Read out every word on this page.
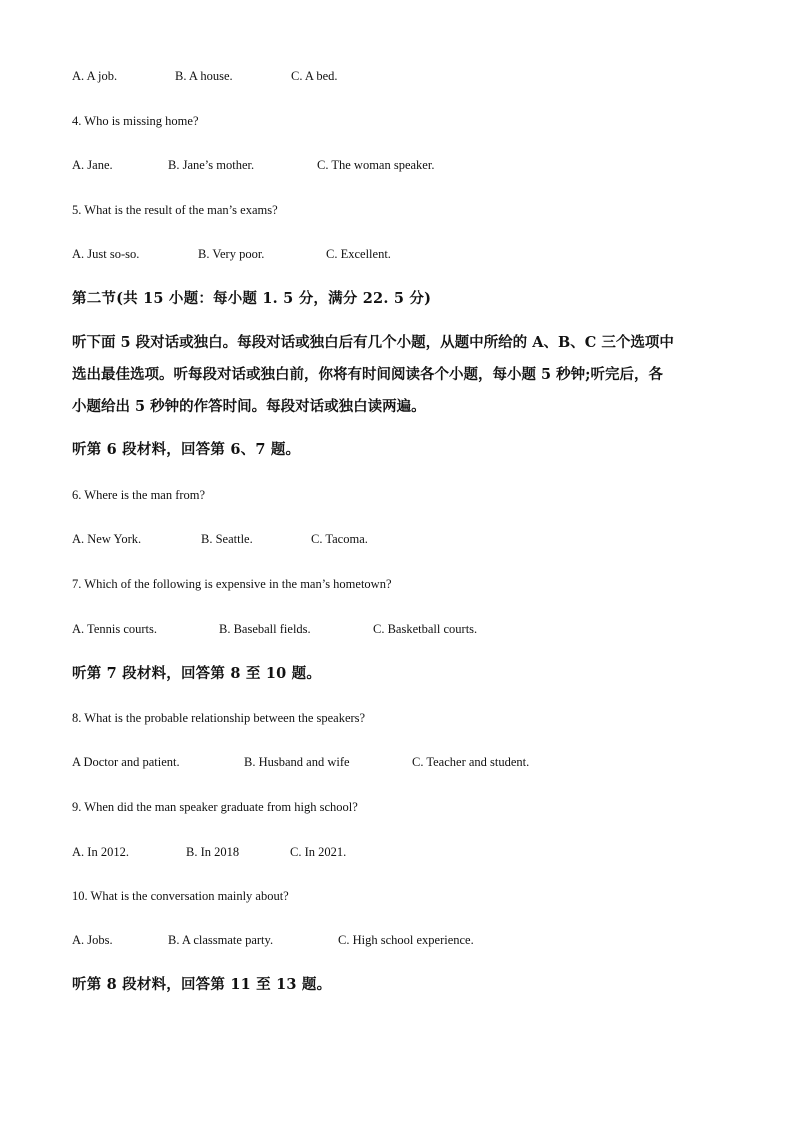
A. A job.	B. A house.	C. A bed.
4. Who is missing home?
A. Jane.	B. Jane’s mother.	C. The woman speaker.
5. What is the result of the man’s exams?
A. Just so-so.	B. Very poor.	C. Excellent.
第二节(共 15 小题：每小题 1. 5 分，满分 22. 5 分)
听下面 5 段对话或独白。每段对话或独白后有几个小题，从题中所给的 A、B、C 三个选项中
选出最佳选项。听每段对话或独白前，你将有时间阅读各个小题，每小题 5 秒钟;听完后，各
小题给出 5 秒钟的作答时间。每段对话或独白读两遍。
听第 6 段材料，回答第 6、7 题。
6. Where is the man from?
A. New York.	B. Seattle.	C. Tacoma.
7. Which of the following is expensive in the man’s hometown?
A. Tennis courts.	B. Baseball fields.	C. Basketball courts.
听第 7 段材料，回答第 8 至 10 题。
8. What is the probable relationship between the speakers?
A Doctor and patient.	B. Husband and wife	C. Teacher and student.
9. When did the man speaker graduate from high school?
A. In 2012.	B. In 2018	C. In 2021.
10. What is the conversation mainly about?
A. Jobs.	B. A classmate party.	C. High school experience.
听第 8 段材料，回答第 11 至 13 题。
